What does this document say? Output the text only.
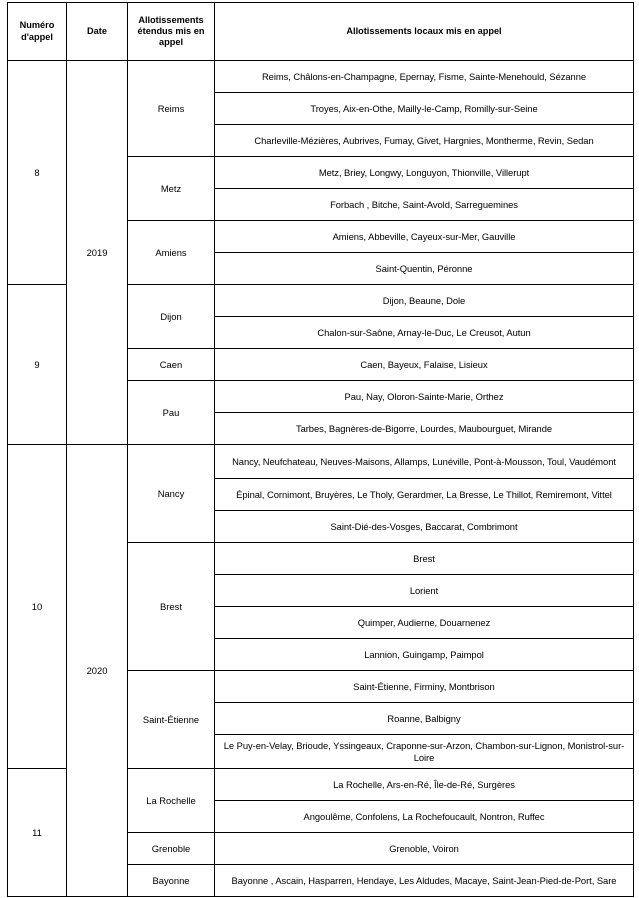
Numéro d'appel	Date	Allotissements étendus mis en appel	Allotissements locaux mis en appel
8	2019	Reims	Reims, Châlons-en-Champagne, Epernay, Fisme, Sainte-Menehould, Sézanne
			Troyes, Aix-en-Othe, Mailly-le-Camp, Romilly-sur-Seine
			Charleville-Mézières, Aubrives, Fumay, Givet, Hargnies, Montherme, Revin, Sedan
		Metz	Metz, Briey, Longwy, Longuyon, Thionville, Villerupt
			Forbach , Bitche, Saint-Avold, Sarreguemines
		Amiens	Amiens, Abbeville, Cayeux-sur-Mer, Gauville
			Saint-Quentin, Péronne
9		Dijon	Dijon, Beaune, Dole
			Chalon-sur-Saône, Arnay-le-Duc, Le Creusot, Autun
		Caen	Caen, Bayeux, Falaise, Lisieux
		Pau	Pau, Nay, Oloron-Sainte-Marie, Orthez
			Tarbes, Bagnères-de-Bigorre, Lourdes, Maubourguet, Mirande
10	2020	Nancy	Nancy, Neufchateau, Neuves-Maisons, Allamps, Lunéville, Pont-à-Mousson, Toul, Vaudémont
			Épinal, Cornimont, Bruyères, Le Tholy, Gerardmer, La Bresse, Le Thillot, Remiremont, Vittel
			Saint-Dié-des-Vosges, Baccarat, Combrimont
		Brest	Brest
			Lorient
			Quimper, Audierne, Douarnenez
			Lannion, Guingamp, Paimpol
		Saint-Étienne	Saint-Étienne, Firminy, Montbrison
			Roanne, Balbigny
			Le Puy-en-Velay, Brioude, Yssingeaux, Craponne-sur-Arzon, Chambon-sur-Lignon, Monistrol-sur-Loire
11		La Rochelle	La Rochelle, Ars-en-Ré, Île-de-Ré, Surgères
			Angoulême, Confolens, La Rochefoucault, Nontron, Ruffec
		Grenoble	Grenoble, Voiron
		Bayonne	Bayonne , Ascain, Hasparren, Hendaye, Les Aldudes, Macaye, Saint-Jean-Pied-de-Port, Sare
